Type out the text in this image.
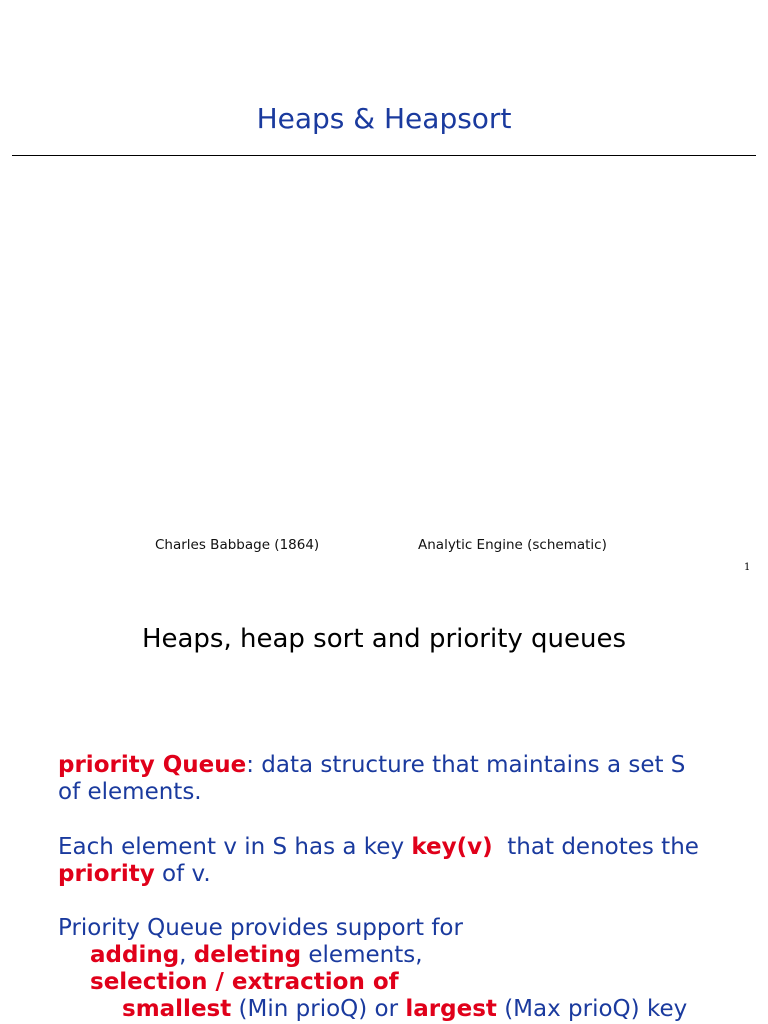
Heaps & Heapsort
Charles Babbage (1864)	Analytic Engine (schematic)
1
Heaps, heap sort and priority queues
priority Queue: data structure that maintains a set S
of elements.
Each element v in S has a key key(v)  that denotes the
priority of v.
Priority Queue provides support for
adding, deleting elements,
selection / extraction of
smallest (Min prioQ) or largest (Max prioQ) key
